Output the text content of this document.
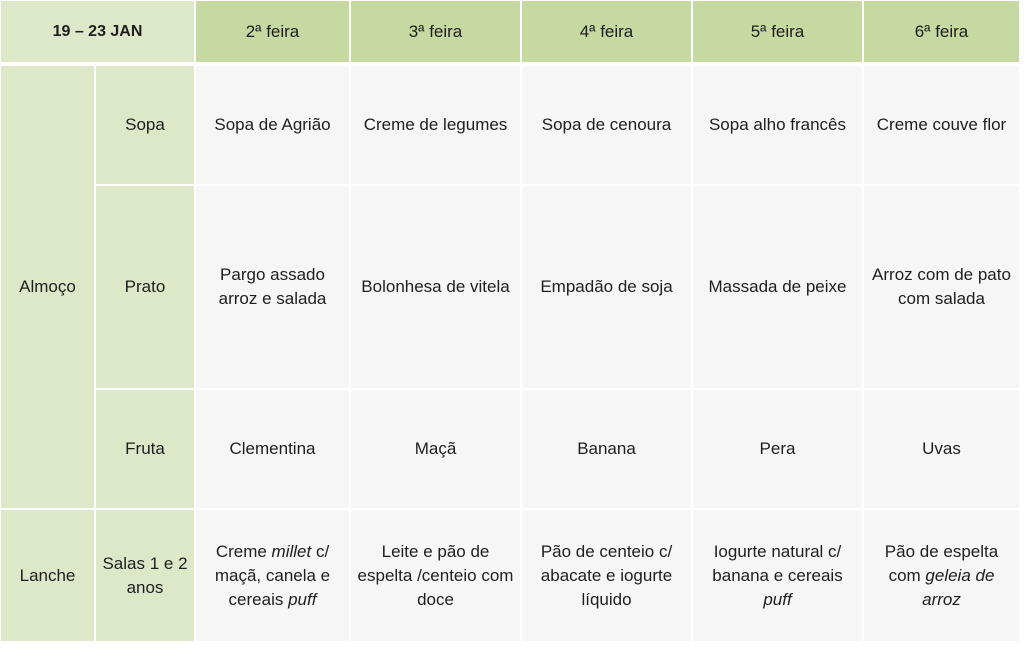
19 – 23 JAN		2ª feira	3ª feira	4ª feira	5ª feira	6ª feira

Almoço	Sopa	Sopa de Agrião	Creme de legumes	Sopa de cenoura	Sopa alho francês	Creme couve flor
	Prato	Pargo assado arroz e salada	Bolonhesa de vitela	Empadão de soja	Massada de peixe	Arroz com de pato com salada
	Fruta	Clementina	Maçã	Banana	Pera	Uvas
Lanche	Salas 1 e 2 anos	Creme millet c/ maçã, canela e cereais puff	Leite e pão de espelta /centeio com doce	Pão de centeio c/ abacate e iogurte líquido	Iogurte natural c/ banana e cereais puff	Pão de espelta com geleia de arroz
